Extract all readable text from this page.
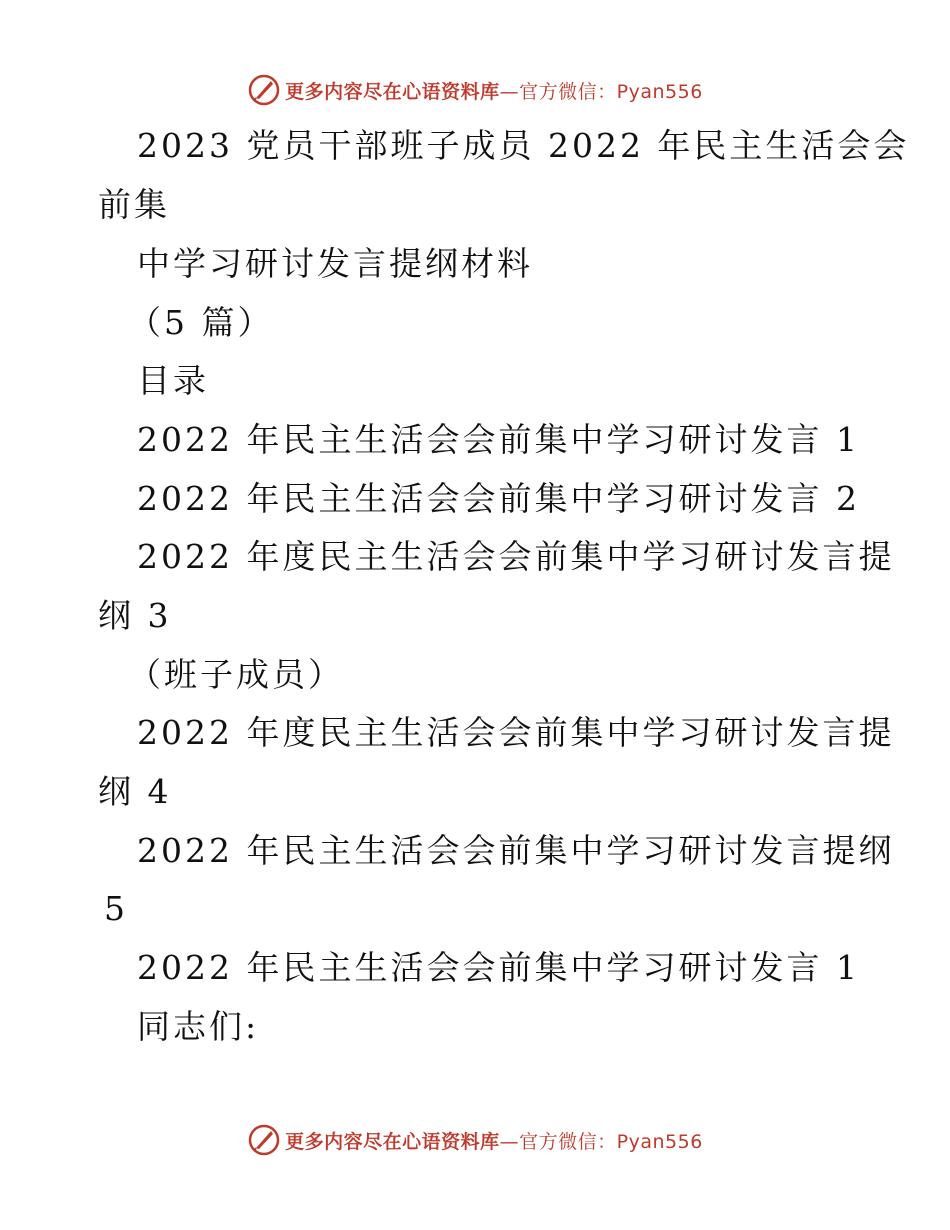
更多内容尽在心语资料库—官方微信：Pyan556
2023 党员干部班子成员 2022 年民主生活会会
前集
中学习研讨发言提纲材料
（5 篇）
目录
2022 年民主生活会会前集中学习研讨发言 1
2022 年民主生活会会前集中学习研讨发言 2
2022 年度民主生活会会前集中学习研讨发言提
纲 3
（班子成员）
2022 年度民主生活会会前集中学习研讨发言提
纲 4
2022 年民主生活会会前集中学习研讨发言提纲
5
2022 年民主生活会会前集中学习研讨发言 1
同志们:
更多内容尽在心语资料库—官方微信：Pyan556
